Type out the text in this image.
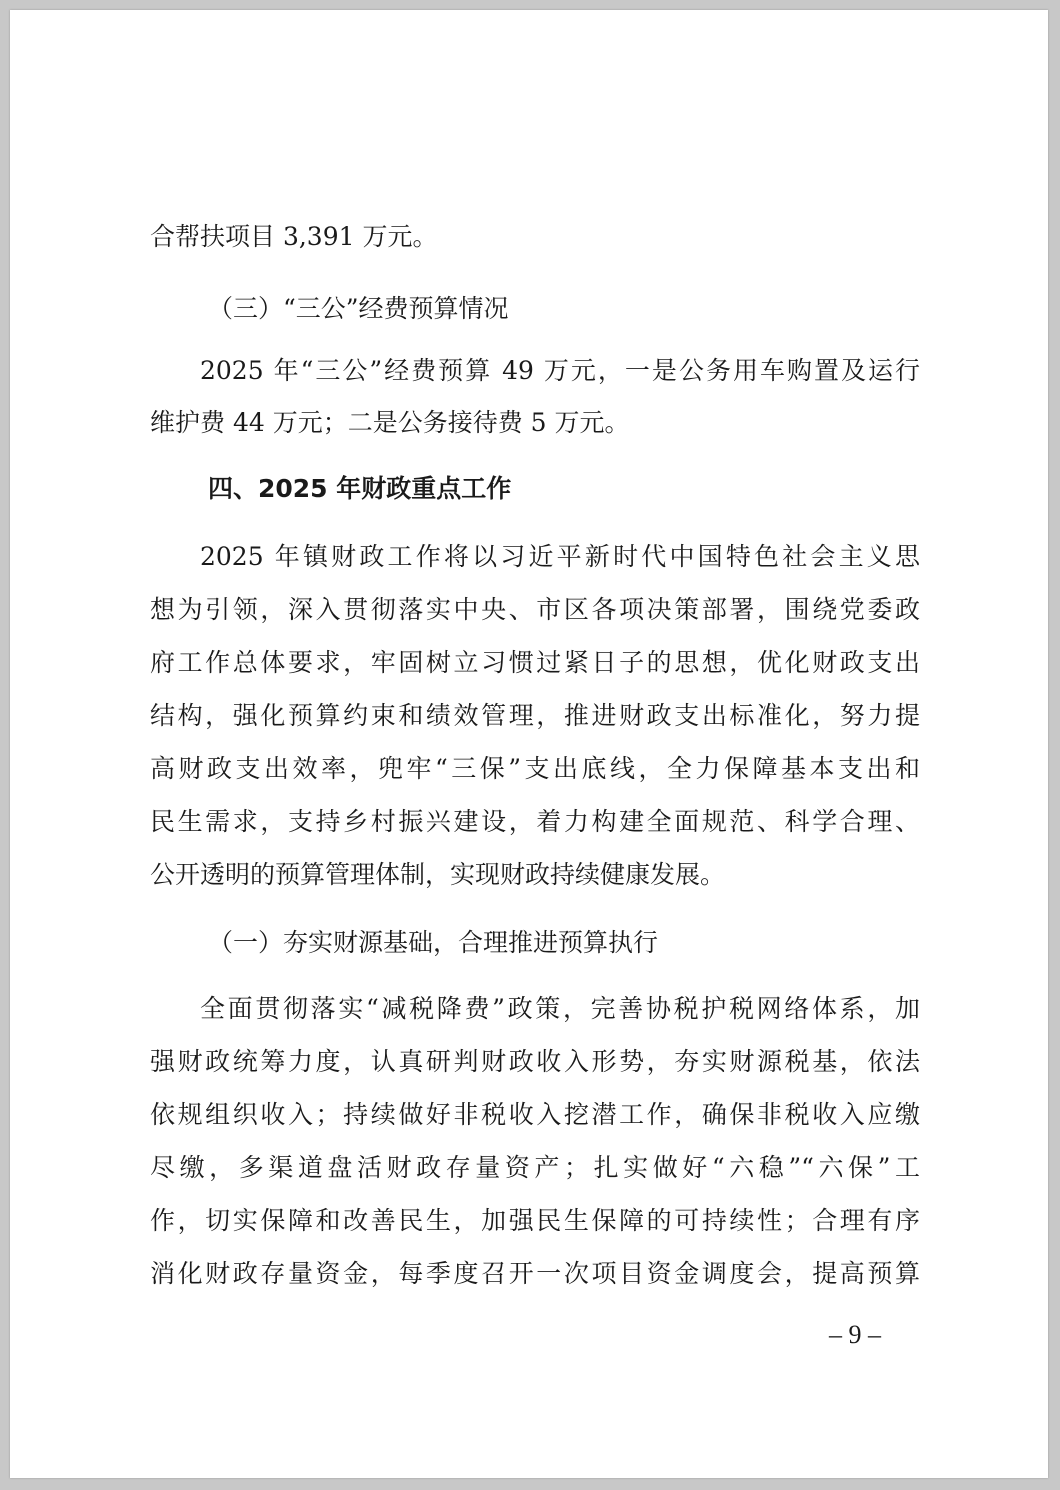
合帮扶项目 3,391 万元。
（三）“三公”经费预算情况
2025 年“三公”经费预算 49 万元，一是公务用车购置及运行
维护费 44 万元；二是公务接待费 5 万元。
四、2025 年财政重点工作
2025 年镇财政工作将以习近平新时代中国特色社会主义思
想为引领，深入贯彻落实中央、市区各项决策部署，围绕党委政
府工作总体要求，牢固树立习惯过紧日子的思想，优化财政支出
结构，强化预算约束和绩效管理，推进财政支出标准化，努力提
高财政支出效率，兜牢“三保”支出底线，全力保障基本支出和
民生需求，支持乡村振兴建设，着力构建全面规范、科学合理、
公开透明的预算管理体制，实现财政持续健康发展。
（一）夯实财源基础，合理推进预算执行
全面贯彻落实“减税降费”政策，完善协税护税网络体系，加
强财政统筹力度，认真研判财政收入形势，夯实财源税基，依法
依规组织收入；持续做好非税收入挖潜工作，确保非税收入应缴
尽缴，多渠道盘活财政存量资产；扎实做好“六稳”“六保”工
作，切实保障和改善民生，加强民生保障的可持续性；合理有序
消化财政存量资金，每季度召开一次项目资金调度会，提高预算
– 9 –
